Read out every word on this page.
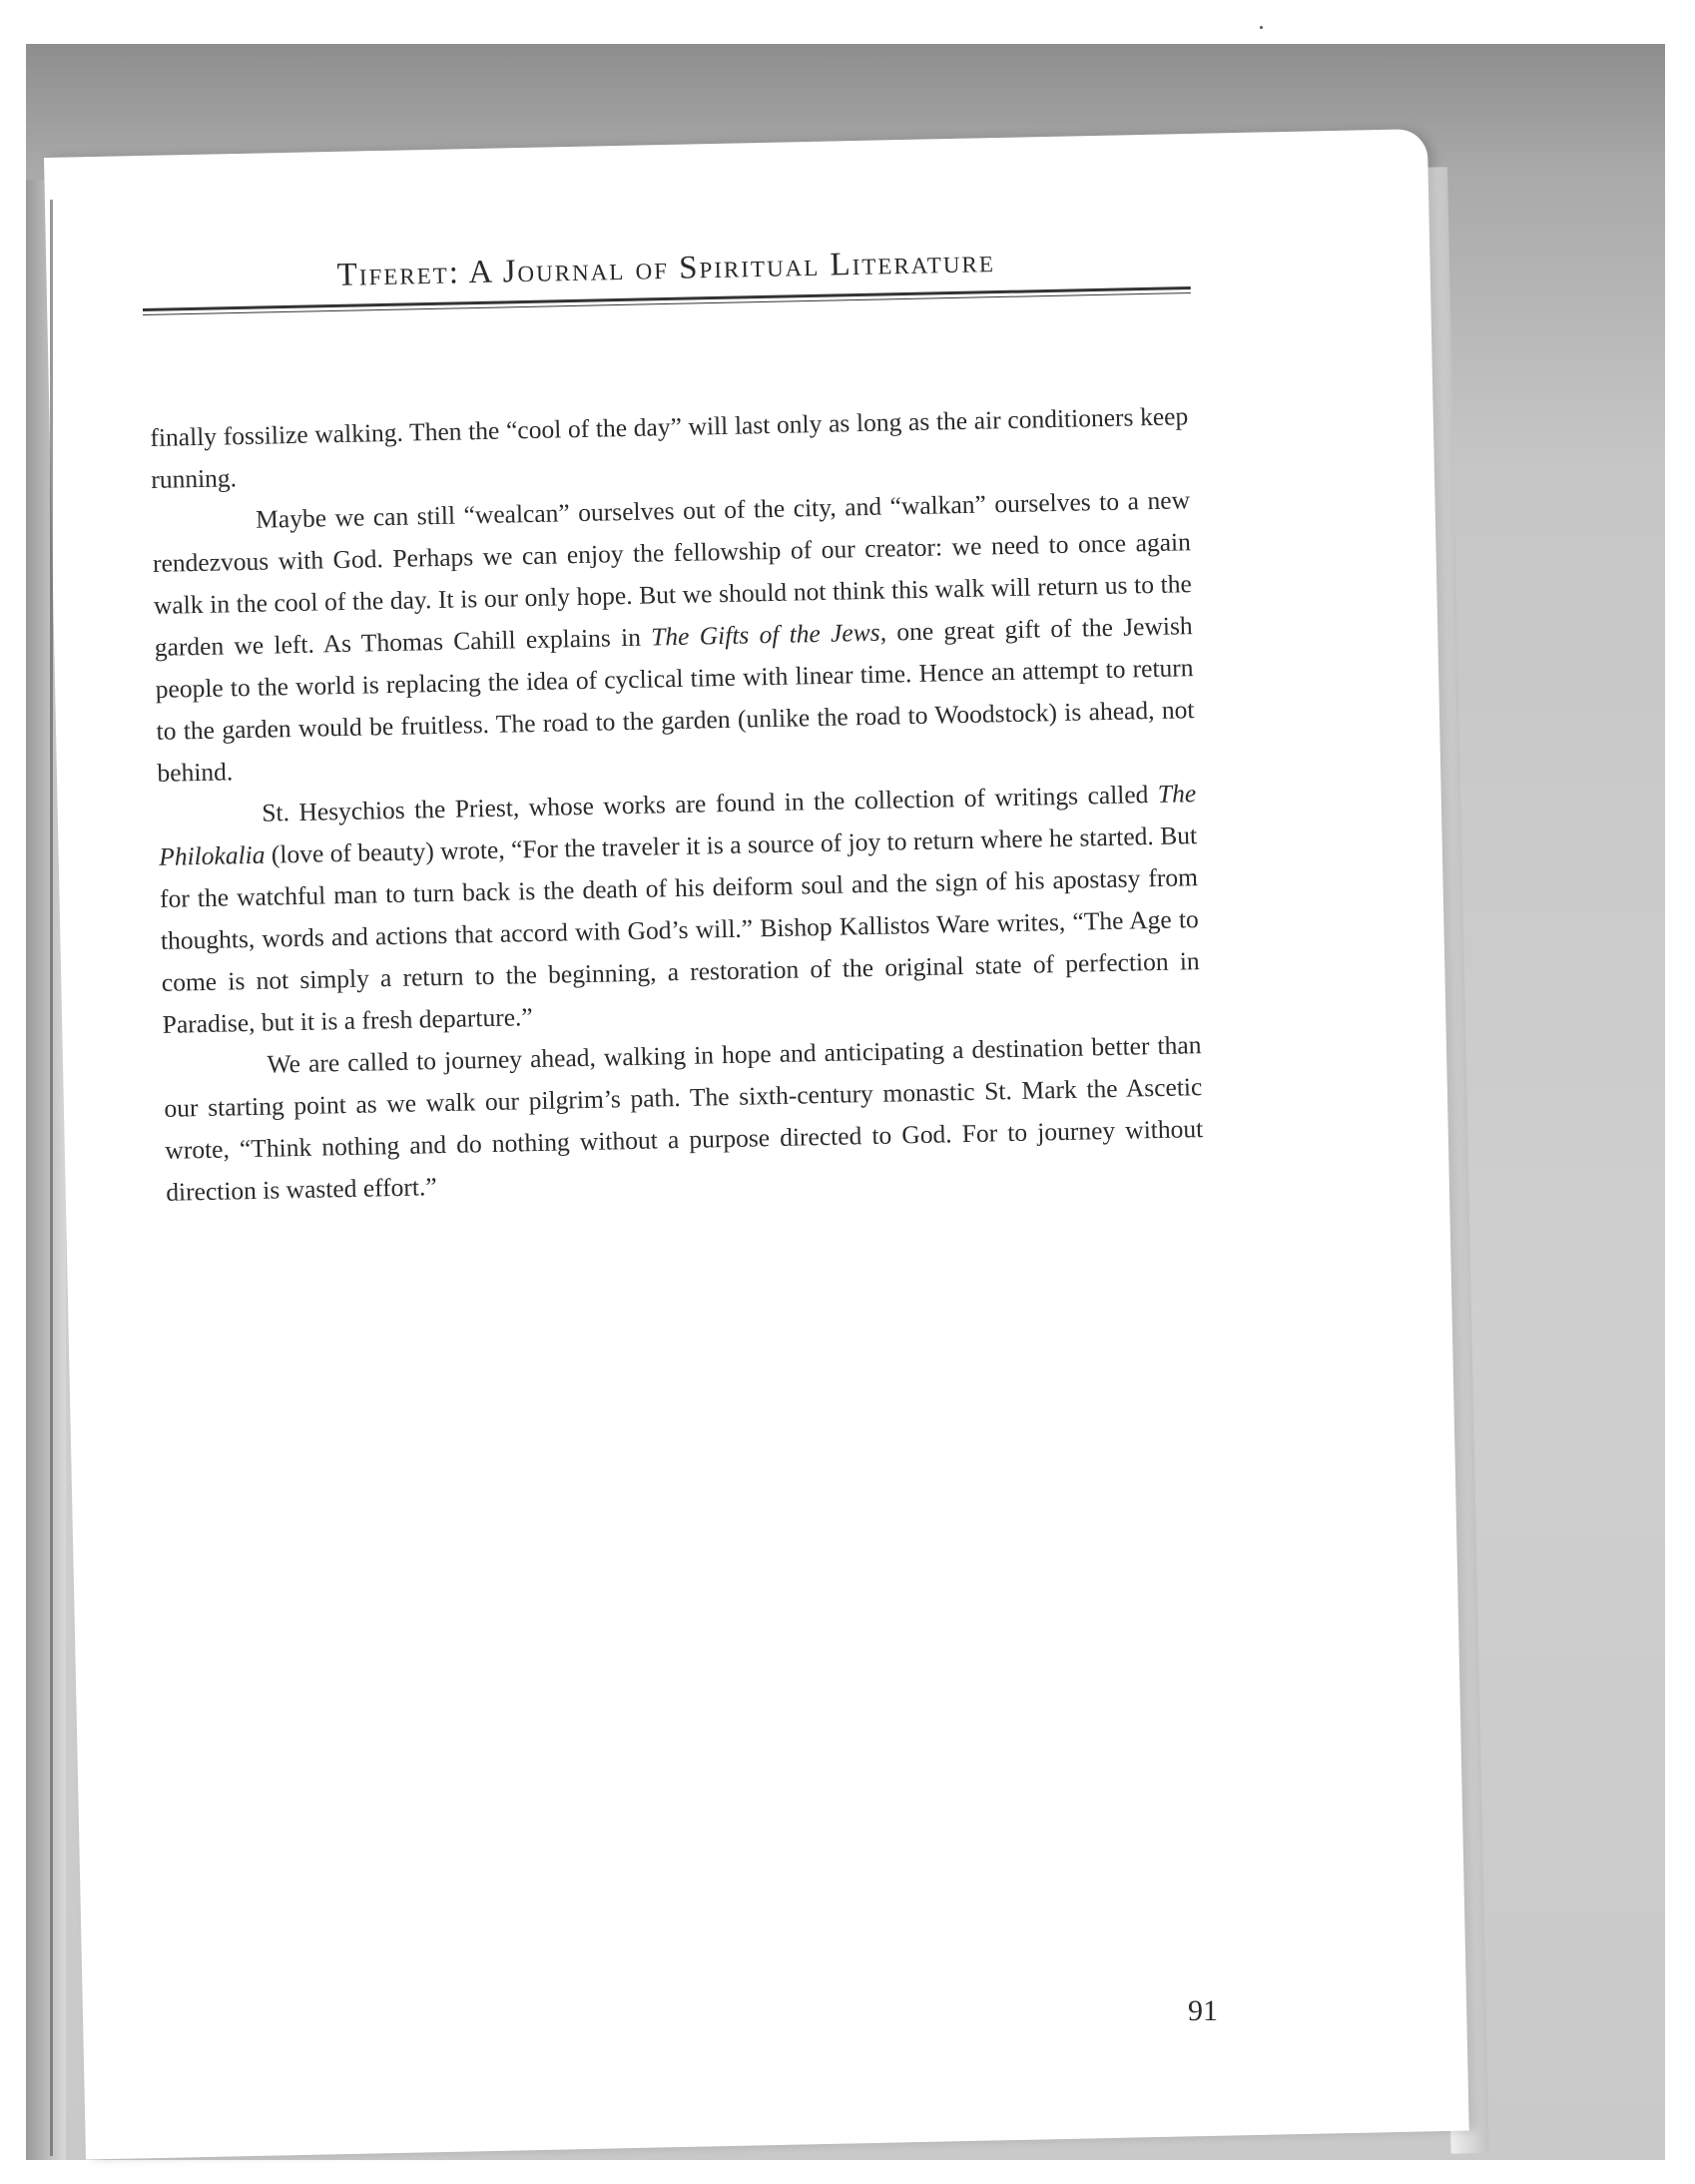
Tiferet: A Journal of Spiritual Literature

finally fossilize walking. Then the “cool of the day” will last only as long as the air conditioners keep running.

Maybe we can still “wealcan” ourselves out of the city, and “walkan” ourselves to a new rendezvous with God. Perhaps we can enjoy the fellowship of our creator: we need to once again walk in the cool of the day. It is our only hope. But we should not think this walk will return us to the garden we left. As Thomas Cahill explains in The Gifts of the Jews, one great gift of the Jewish people to the world is replacing the idea of cyclical time with linear time. Hence an attempt to return to the garden would be fruitless. The road to the garden (unlike the road to Woodstock) is ahead, not behind.

St. Hesychios the Priest, whose works are found in the collection of writings called The Philokalia (love of beauty) wrote, “For the traveler it is a source of joy to return where he started. But for the watchful man to turn back is the death of his deiform soul and the sign of his apostasy from thoughts, words and actions that accord with God’s will.” Bishop Kallistos Ware writes, “The Age to come is not simply a return to the beginning, a restoration of the original state of perfection in Paradise, but it is a fresh departure.”

We are called to journey ahead, walking in hope and anticipating a destination better than our starting point as we walk our pilgrim’s path. The sixth-century monastic St. Mark the Ascetic wrote, “Think nothing and do nothing without a purpose directed to God. For to journey without direction is wasted effort.”

91
